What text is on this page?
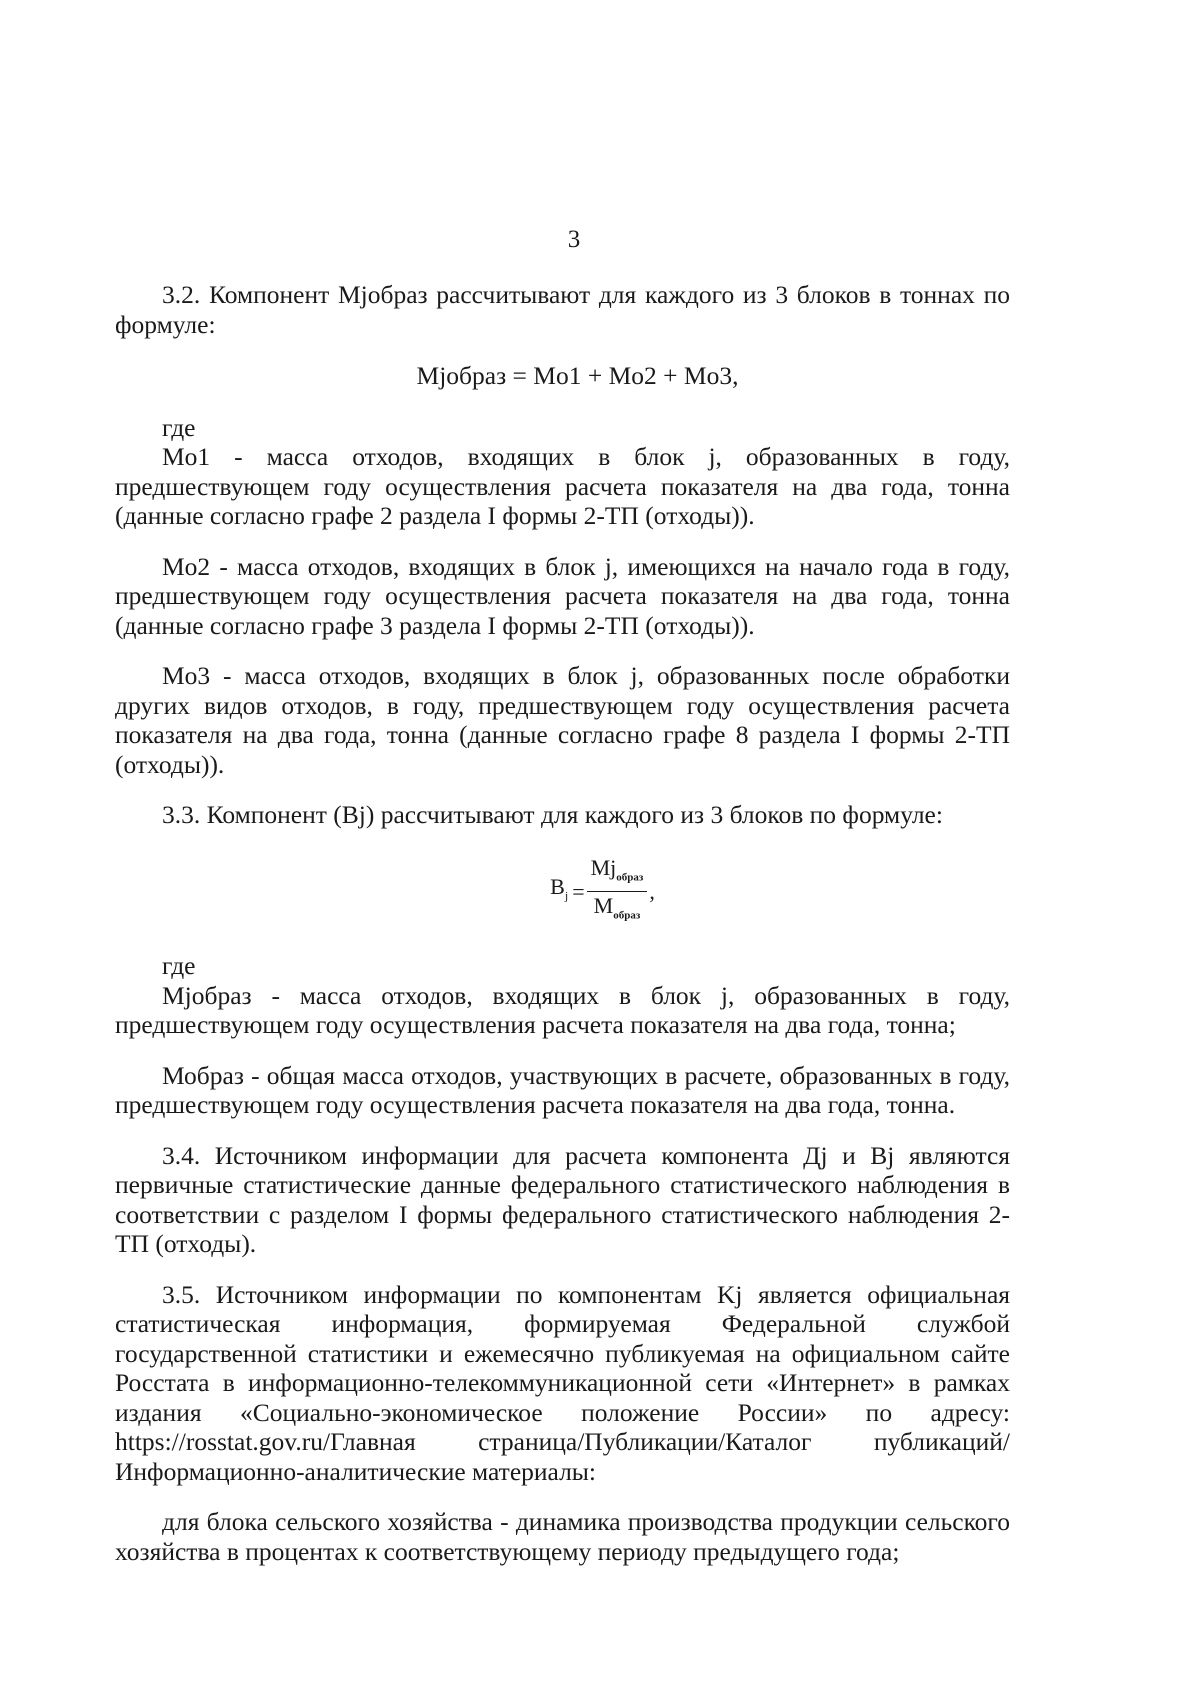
3

3.2. Компонент Mjобраз рассчитывают для каждого из 3 блоков в тоннах по формуле:

Mjобраз = Mo1 + Mo2 + Mo3,

где

Mo1 - масса отходов, входящих в блок j, образованных в году, предшествующем году осуществления расчета показателя на два года, тонна (данные согласно графе 2 раздела I формы 2-ТП (отходы)).

Mo2 - масса отходов, входящих в блок j, имеющихся на начало года в году, предшествующем году осуществления расчета показателя на два года, тонна (данные согласно графе 3 раздела I формы 2-ТП (отходы)).

Mo3 - масса отходов, входящих в блок j, образованных после обработки других видов отходов, в году, предшествующем году осуществления расчета показателя на два года, тонна (данные согласно графе 8 раздела I формы 2-ТП (отходы)).

3.3. Компонент (Bj) рассчитывают для каждого из 3 блоков по формуле:

$B_j = \frac{Mj_{образ}}{M_{образ}}$ ,

где

Mjобраз - масса отходов, входящих в блок j, образованных в году, предшествующем году осуществления расчета показателя на два года, тонна;

Мобраз - общая масса отходов, участвующих в расчете, образованных в году, предшествующем году осуществления расчета показателя на два года, тонна.

3.4. Источником информации для расчета компонента Дj и Bj являются первичные статистические данные федерального статистического наблюдения в соответствии с разделом I формы федерального статистического наблюдения 2-ТП (отходы).

3.5. Источником информации по компонентам Kj является официальная статистическая информация, формируемая Федеральной службой государственной статистики и ежемесячно публикуемая на официальном сайте Росстата в информационно-телекоммуникационной сети «Интернет» в рамках издания «Социально-экономическое положение России» по адресу: https://rosstat.gov.ru/Главная страница/Публикации/Каталог публикаций/Информационно-аналитические материалы:

для блока сельского хозяйства - динамика производства продукции сельского хозяйства в процентах к соответствующему периоду предыдущего года;
